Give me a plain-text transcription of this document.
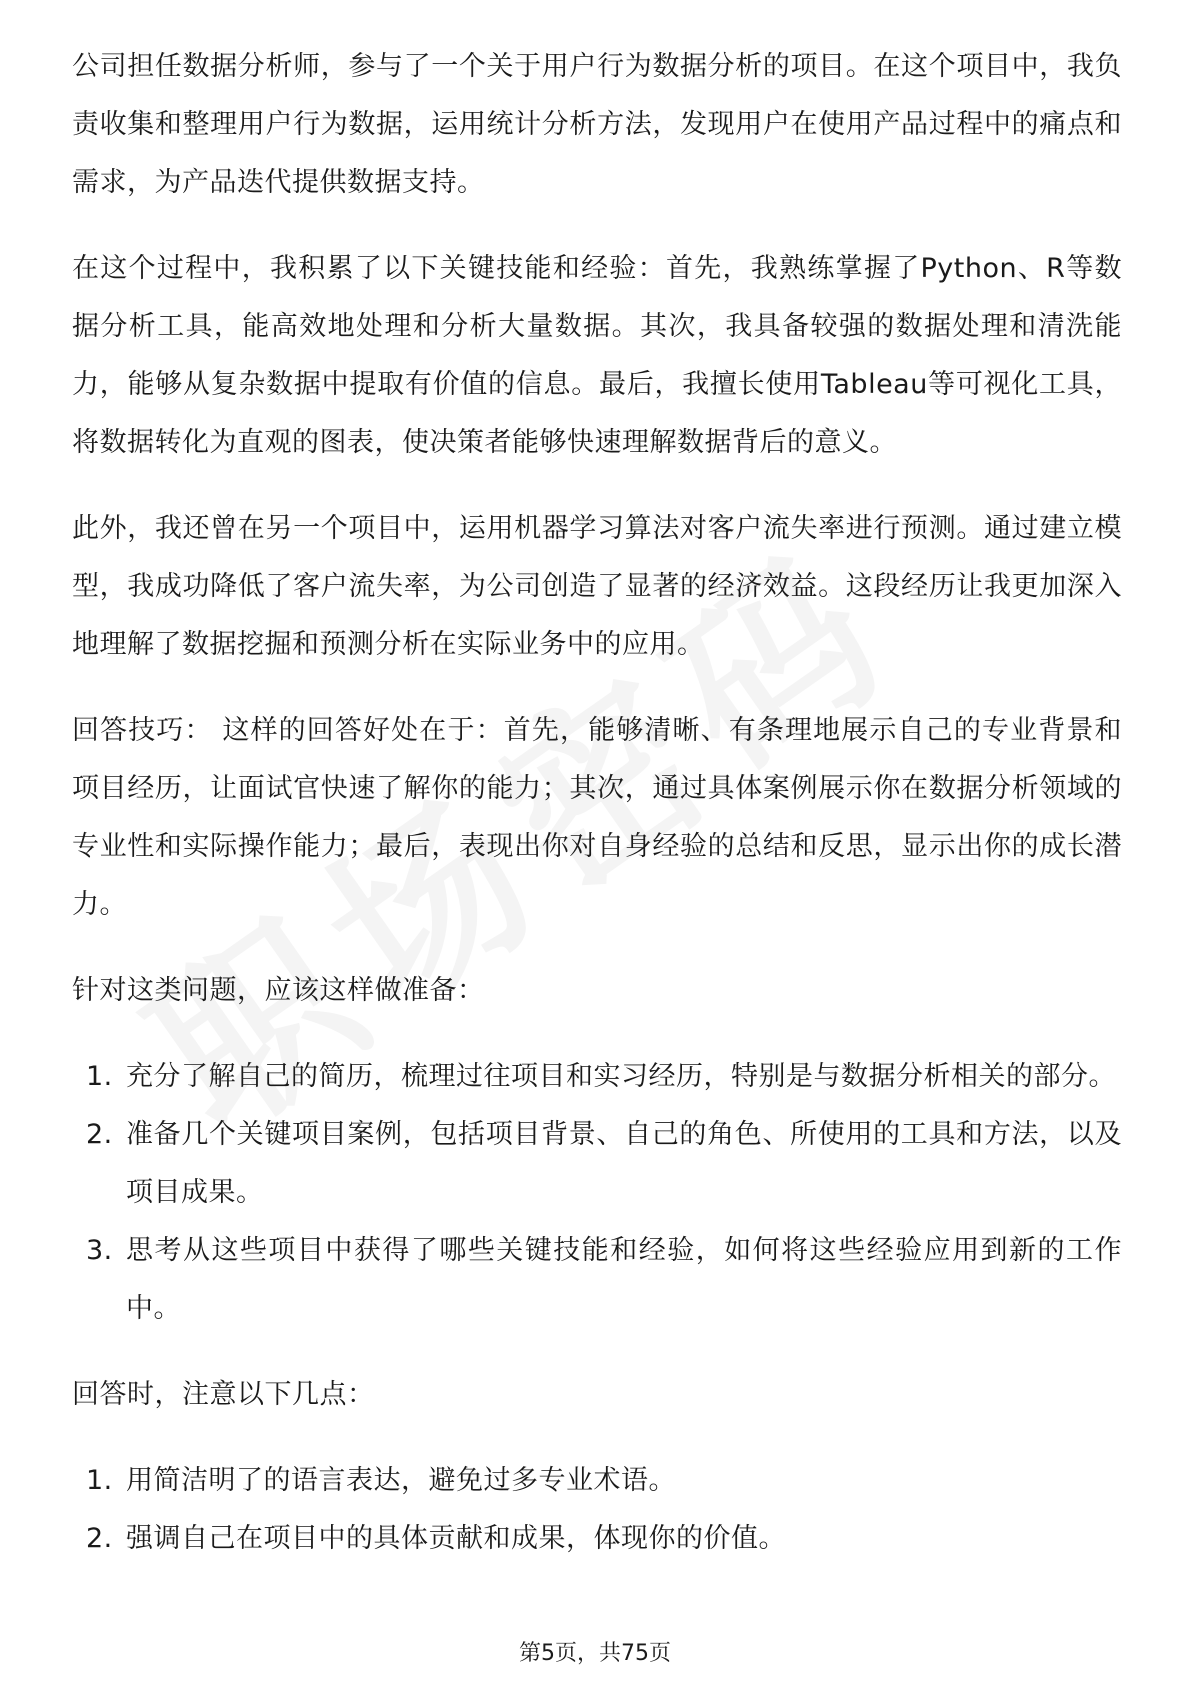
公司担任数据分析师，参与了一个关于用户行为数据分析的项目。在这个项目中，我负责收集和整理用户行为数据，运用统计分析方法，发现用户在使用产品过程中的痛点和需求，为产品迭代提供数据支持。

在这个过程中，我积累了以下关键技能和经验：首先，我熟练掌握了Python、R等数据分析工具，能高效地处理和分析大量数据。其次，我具备较强的数据处理和清洗能力，能够从复杂数据中提取有价值的信息。最后，我擅长使用Tableau等可视化工具，将数据转化为直观的图表，使决策者能够快速理解数据背后的意义。

此外，我还曾在另一个项目中，运用机器学习算法对客户流失率进行预测。通过建立模型，我成功降低了客户流失率，为公司创造了显著的经济效益。这段经历让我更加深入地理解了数据挖掘和预测分析在实际业务中的应用。

回答技巧： 这样的回答好处在于：首先，能够清晰、有条理地展示自己的专业背景和项目经历，让面试官快速了解你的能力；其次，通过具体案例展示你在数据分析领域的专业性和实际操作能力；最后，表现出你对自身经验的总结和反思，显示出你的成长潜力。

针对这类问题，应该这样做准备：

1. 充分了解自己的简历，梳理过往项目和实习经历，特别是与数据分析相关的部分。
2. 准备几个关键项目案例，包括项目背景、自己的角色、所使用的工具和方法，以及项目成果。
3. 思考从这些项目中获得了哪些关键技能和经验，如何将这些经验应用到新的工作中。

回答时，注意以下几点：

1. 用简洁明了的语言表达，避免过多专业术语。
2. 强调自己在项目中的具体贡献和成果，体现你的价值。
第5页，共75页
